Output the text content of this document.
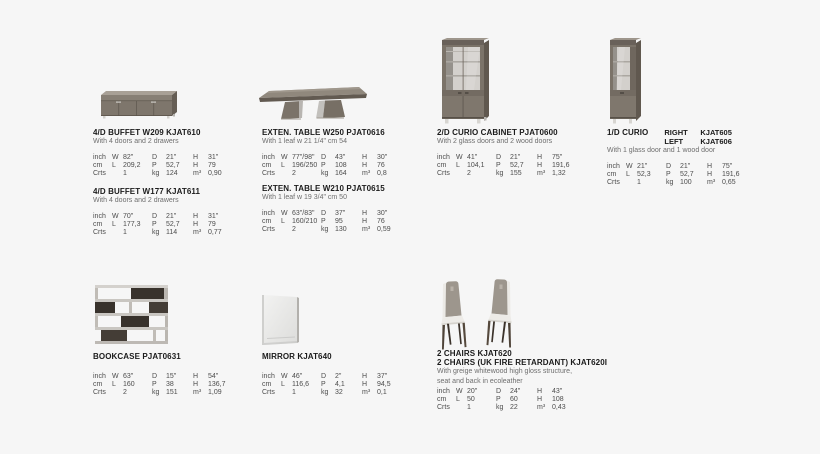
4/D BUFFET W209 KJAT610
With 4 doors and 2 drawers
inch W 82"	D	21"	H	31"
cm	L	209,2	P	52,7	H	79
Crts	1	kg 124	m³ 0,90
4/D BUFFET W177 KJAT611
With 4 doors and 2 drawers
inch W 70"	D	21"	H	31"
cm	L	177,3	P	52,7	H	79
Crts	1	kg 114	m³ 0,77
EXTEN. TABLE W250 PJAT0616
With 1 leaf w 21 1/4" cm 54
inch W 77"/98" D	43"	H	30"
cm	L	196/250 P	108	H	76
Crts	2	kg 164	m³ 0,8
EXTEN. TABLE W210 PJAT0615
With 1 leaf w 19 3/4" cm 50
inch W 63"/83" D	37"	H	30"
cm	L	160/210 P	95	H	76
Crts	2	kg 130	m³ 0,59
2/D CURIO CABINET PJAT0600
With 2 glass doors and 2 wood doors
inch W 41"	D	21"	H	75"
cm	L	104,1	P	52,7	H	191,6
Crts	2	kg 155	m³ 1,32
1/D CURIO RIGHT	KJAT605
LEFT	KJAT606
With 1 glass door and 1 wood door
inch W 21"	D	21"	H	75"
cm	L	52,3	P	52,7	H	191,6
Crts	1	kg 100	m³ 0,65
BOOKCASE PJAT0631
inch W 63"	D	15"	H	54"
cm	L	160	P	38	H	136,7
Crts	2	kg 151	m³ 1,09
MIRROR KJAT640
inch W 46"	D	2"	H	37"
cm	L	116,6	P	4,1	H	94,5
Crts	1	kg 32	m³ 0,1
2 CHAIRS KJAT620
2 CHAIRS (UK FIRE RETARDANT) KJAT620I
With greige whitewood high gloss structure,
seat and back in ecoleather
inch W 20"	D	24"	H	43"
cm	L	50	P	60	H	108
Crts	1	kg 22	m³ 0,43
